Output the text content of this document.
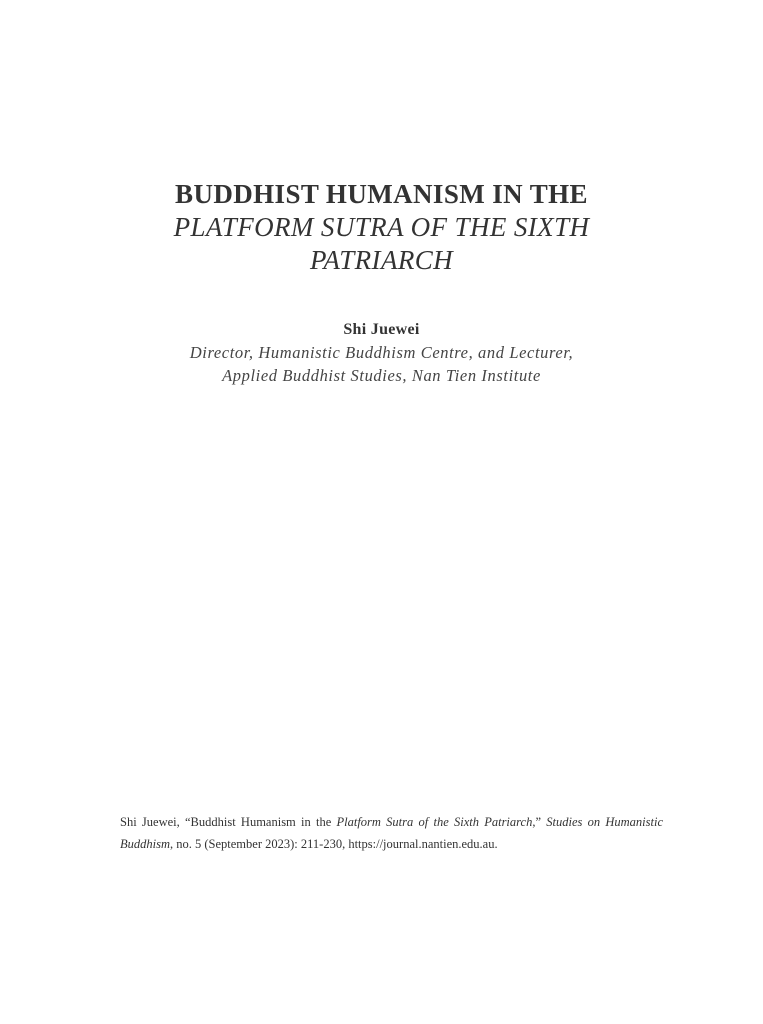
BUDDHIST HUMANISM IN THE
PLATFORM SUTRA OF THE SIXTH
PATRIARCH
Shi Juewei
Director, Humanistic Buddhism Centre, and Lecturer,
Applied Buddhist Studies, Nan Tien Institute
Shi Juewei, “Buddhist Humanism in the Platform Sutra of the Sixth Patriarch,” Studies on Humanistic Buddhism, no. 5 (September 2023): 211-230, https://journal.nantien.edu.au.
